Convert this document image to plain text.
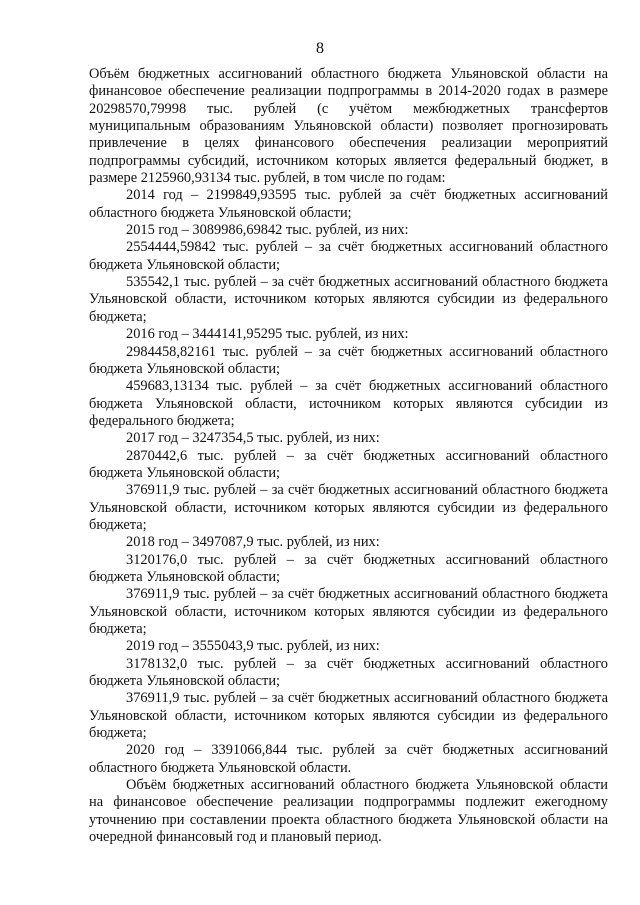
8

Объём бюджетных ассигнований областного бюджета Ульяновской области на финансовое обеспечение реализации подпрограммы в 2014-2020 годах в размере 20298570,79998 тыс. рублей (с учётом межбюджетных трансфертов муниципальным образованиям Ульяновской области) позволяет прогнозировать привлечение в целях финансового обеспечения реализации мероприятий подпрограммы субсидий, источником которых является федеральный бюджет, в размере 2125960,93134 тыс. рублей, в том числе по годам:

2014 год – 2199849,93595 тыс. рублей за счёт бюджетных ассигнований областного бюджета Ульяновской области;

2015 год – 3089986,69842 тыс. рублей, из них:

2554444,59842 тыс. рублей – за счёт бюджетных ассигнований областного бюджета Ульяновской области;

535542,1 тыс. рублей – за счёт бюджетных ассигнований областного бюджета Ульяновской области, источником которых являются субсидии из федерального бюджета;

2016 год – 3444141,95295 тыс. рублей, из них:

2984458,82161 тыс. рублей – за счёт бюджетных ассигнований областного бюджета Ульяновской области;

459683,13134 тыс. рублей – за счёт бюджетных ассигнований областного бюджета Ульяновской области, источником которых являются субсидии из федерального бюджета;

2017 год – 3247354,5 тыс. рублей, из них:

2870442,6 тыс. рублей – за счёт бюджетных ассигнований областного бюджета Ульяновской области;

376911,9 тыс. рублей – за счёт бюджетных ассигнований областного бюджета Ульяновской области, источником которых являются субсидии из федерального бюджета;

2018 год – 3497087,9 тыс. рублей, из них:

3120176,0 тыс. рублей – за счёт бюджетных ассигнований областного бюджета Ульяновской области;

376911,9 тыс. рублей – за счёт бюджетных ассигнований областного бюджета Ульяновской области, источником которых являются субсидии из федерального бюджета;

2019 год – 3555043,9 тыс. рублей, из них:

3178132,0 тыс. рублей – за счёт бюджетных ассигнований областного бюджета Ульяновской области;

376911,9 тыс. рублей – за счёт бюджетных ассигнований областного бюджета Ульяновской области, источником которых являются субсидии из федерального бюджета;

2020 год – 3391066,844 тыс. рублей за счёт бюджетных ассигнований областного бюджета Ульяновской области.

Объём бюджетных ассигнований областного бюджета Ульяновской области на финансовое обеспечение реализации подпрограммы подлежит ежегодному уточнению при составлении проекта областного бюджета Ульяновской области на очередной финансовый год и плановый период.
